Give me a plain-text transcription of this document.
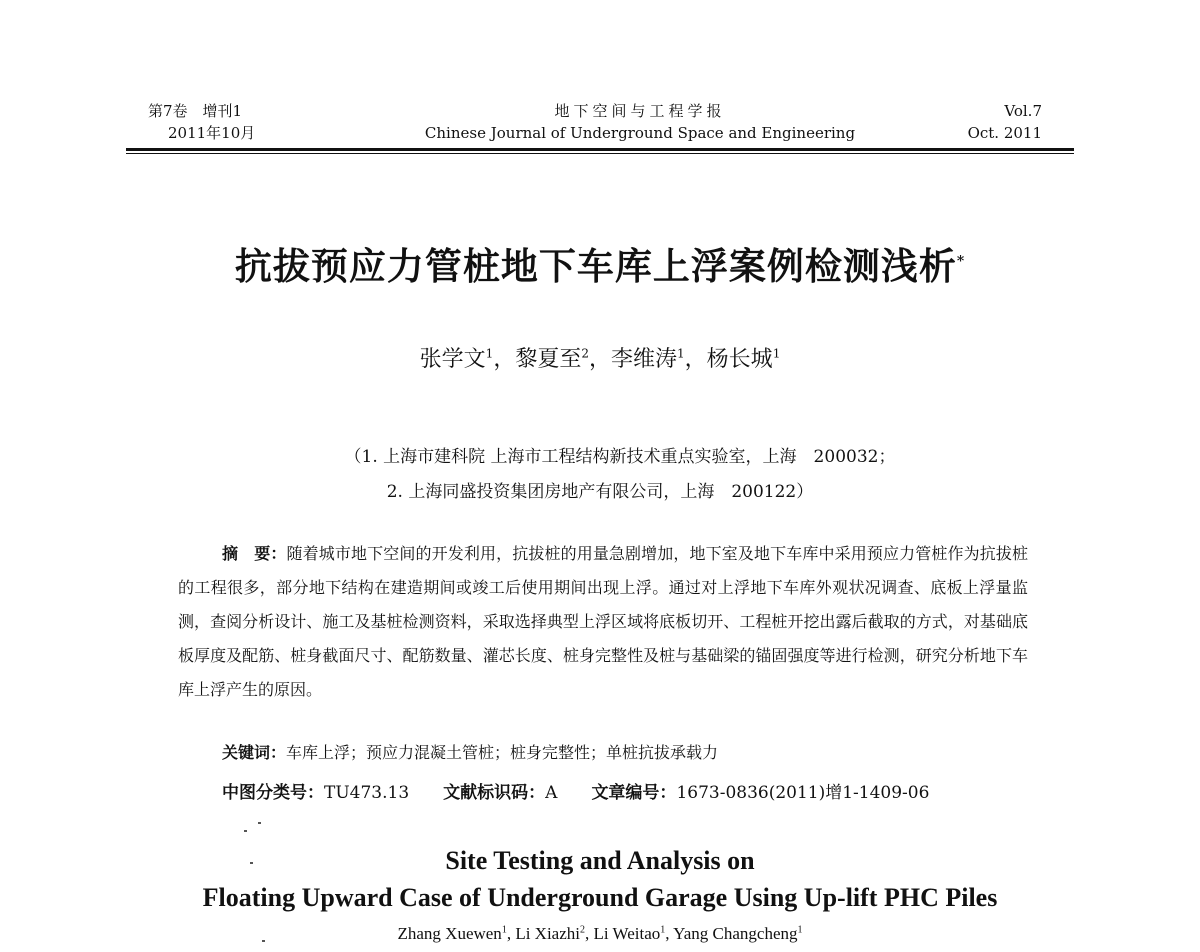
第7卷　增刊1
2011年10月
地下空间与工程学报
Chinese Journal of Underground Space and Engineering
Vol.7
Oct. 2011
抗拔预应力管桩地下车库上浮案例检测浅析*
张学文$^1$，黎夏至$^2$，李维涛$^1$，杨长城$^1$
（1. 上海市建科院 上海市工程结构新技术重点实验室，上海　200032；
2. 上海同盛投资集团房地产有限公司，上海　200122）
摘　要：随着城市地下空间的开发利用，抗拔桩的用量急剧增加，地下室及地下车库中采用预应力管桩作为抗拔桩的工程很多，部分地下结构在建造期间或竣工后使用期间出现上浮。通过对上浮地下车库外观状况调查、底板上浮量监测，查阅分析设计、施工及基桩检测资料，采取选择典型上浮区域将底板切开、工程桩开挖出露后截取的方式，对基础底板厚度及配筋、桩身截面尺寸、配筋数量、灌芯长度、桩身完整性及桩与基础梁的锚固强度等进行检测，研究分析地下车库上浮产生的原因。
关键词：车库上浮；预应力混凝土管桩；桩身完整性；单桩抗拔承载力
中图分类号：TU473.13 文献标识码：A 文章编号：1673-0836(2011)增1-1409-06
Site Testing and Analysis on
Floating Upward Case of Underground Garage Using Up-lift PHC Piles
Zhang Xuewen$^1$, Li Xiazhi$^2$, Li Weitao$^1$, Yang Changcheng$^1$
